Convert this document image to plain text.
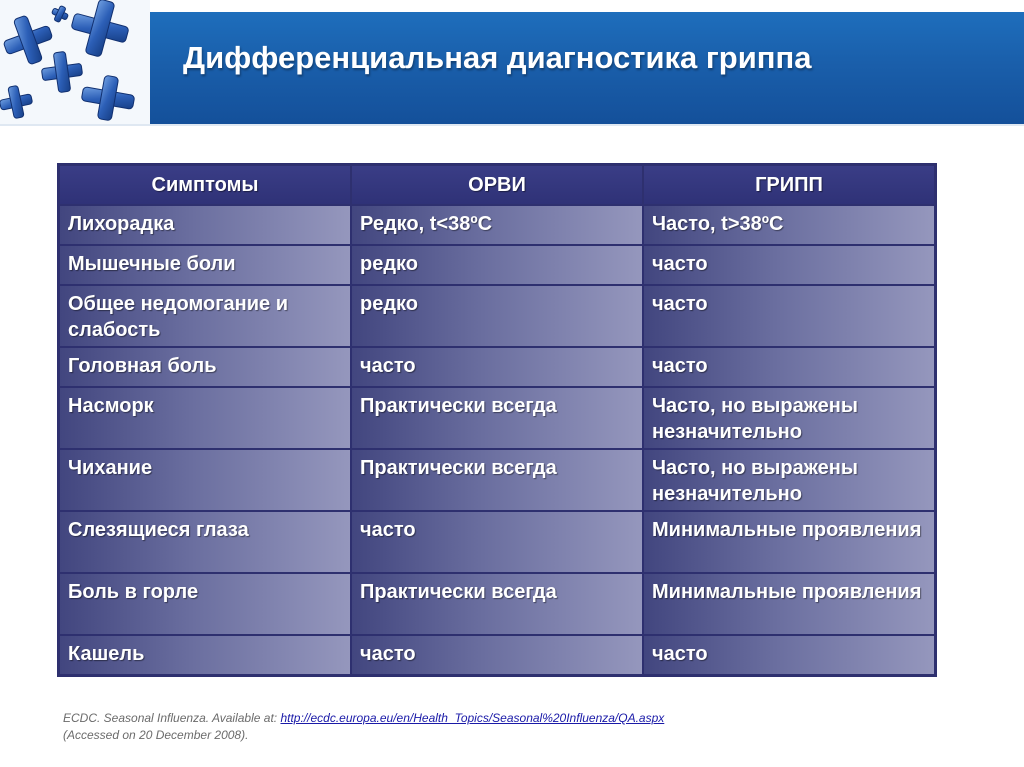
Дифференциальная диагностика гриппа
Симптомы	ОРВИ	ГРИПП
Лихорадка	Редко, t<38ºC	Часто, t>38ºC
Мышечные боли	редко	часто
Общее недомогание и слабость	редко	часто
Головная боль	часто	часто
Насморк	Практически всегда	Часто, но выражены незначительно
Чихание	Практически всегда	Часто, но выражены незначительно
Слезящиеся глаза	часто	Минимальные проявления
Боль в горле	Практически всегда	Минимальные проявления
Кашель	часто	часто
ECDC. Seasonal Influenza. Available at: http://ecdc.europa.eu/en/Health_Topics/Seasonal%20Influenza/QA.aspx
(Accessed on 20 December 2008).
